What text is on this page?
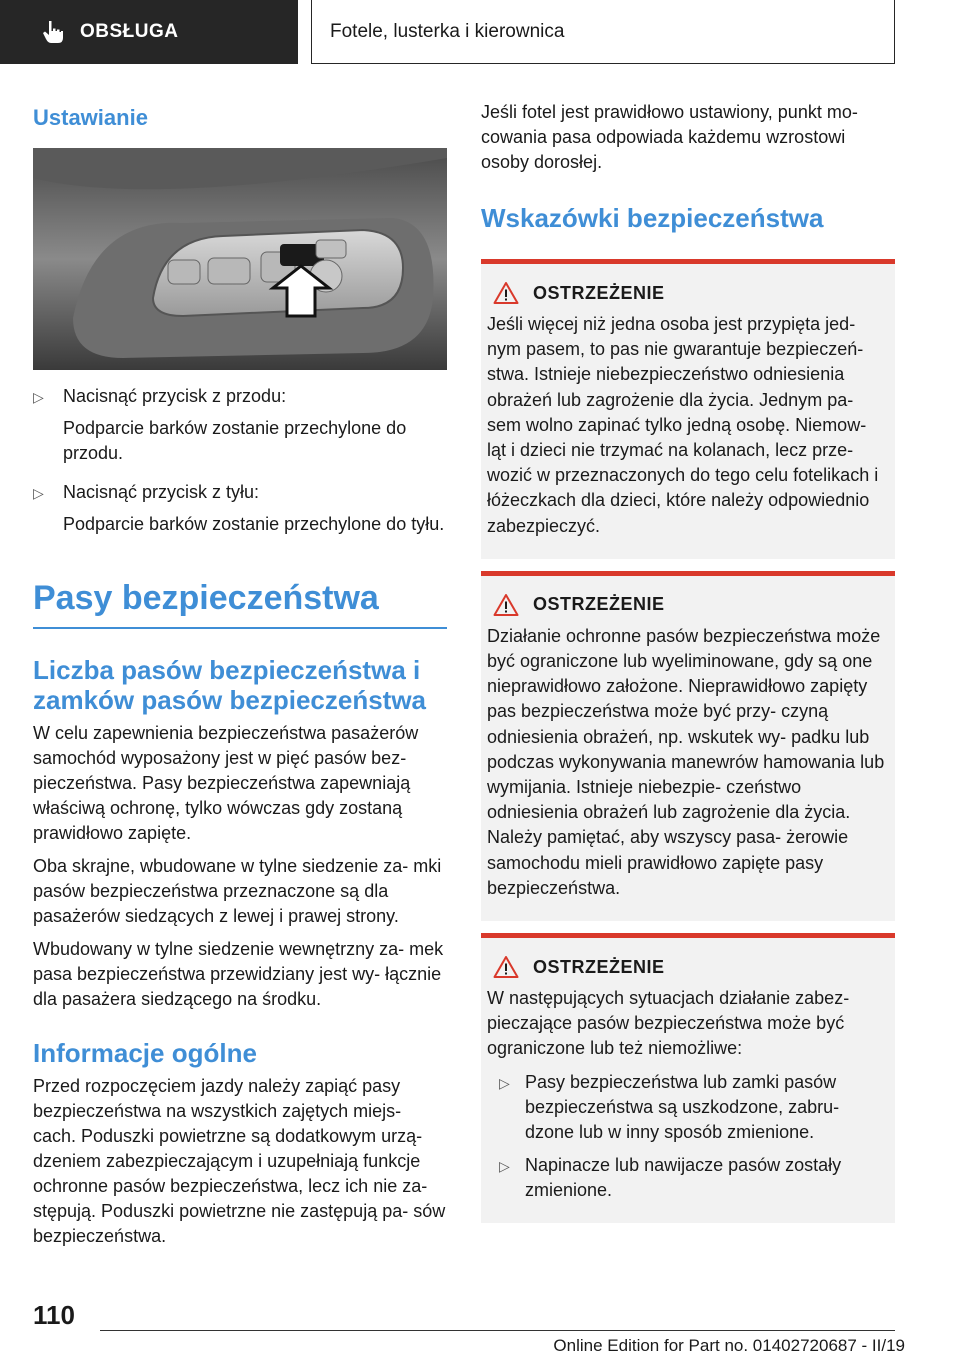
OBSŁUGA	Fotele, lusterka i kierownica
Ustawianie
▷	Nacisnąć przycisk z przodu:
Podparcie barków zostanie przechylone do przodu.
▷	Nacisnąć przycisk z tyłu:
Podparcie barków zostanie przechylone do tyłu.
Pasy bezpieczeństwa
Liczba pasów bezpieczeństwa i zamków pasów bezpieczeństwa

W celu zapewnienia bezpieczeństwa pasażerów samochód wyposażony jest w pięć pasów bez- pieczeństwa. Pasy bezpieczeństwa zapewniają właściwą ochronę, tylko wówczas gdy zostaną prawidłowo zapięte.

Oba skrajne, wbudowane w tylne siedzenie za- mki pasów bezpieczeństwa przeznaczone są dla pasażerów siedzących z lewej i prawej strony.

Wbudowany w tylne siedzenie wewnętrzny za- mek pasa bezpieczeństwa przewidziany jest wy- łącznie dla pasażera siedzącego na środku.

Informacje ogólne

Przed rozpoczęciem jazdy należy zapiąć pasy bezpieczeństwa na wszystkich zajętych miejs- cach. Poduszki powietrzne są dodatkowym urzą- dzeniem zabezpieczającym i uzupełniają funkcje ochronne pasów bezpieczeństwa, lecz ich nie za- stępują. Poduszki powietrzne nie zastępują pa- sów bezpieczeństwa.

Jeśli fotel jest prawidłowo ustawiony, punkt mo- cowania pasa odpowiada każdemu wzrostowi osoby dorosłej.

Wskazówki bezpieczeństwa
OSTRZEŻENIE

Jeśli więcej niż jedna osoba jest przypięta jed- nym pasem, to pas nie gwarantuje bezpieczeń- stwa. Istnieje niebezpieczeństwo odniesienia obrażeń lub zagrożenie dla życia. Jednym pa- sem wolno zapinać tylko jedną osobę. Niemow- ląt i dzieci nie trzymać na kolanach, lecz prze- wozić w przeznaczonych do tego celu fotelikach i łóżeczkach dla dzieci, które należy odpowiednio zabezpieczyć.

OSTRZEŻENIE

Działanie ochronne pasów bezpieczeństwa może być ograniczone lub wyeliminowane, gdy są one nieprawidłowo założone. Nieprawidłowo zapięty pas bezpieczeństwa może być przy- czyną odniesienia obrażeń, np. wskutek wy- padku lub podczas wykonywania manewrów hamowania lub wymijania. Istnieje niebezpie- czeństwo odniesienia obrażeń lub zagrożenie dla życia. Należy pamiętać, aby wszyscy pasa- żerowie samochodu mieli prawidłowo zapięte pasy bezpieczeństwa.

OSTRZEŻENIE

W następujących sytuacjach działanie zabez- pieczające pasów bezpieczeństwa może być ograniczone lub też niemożliwe:

▷ Pasy bezpieczeństwa lub zamki pasów bezpieczeństwa są uszkodzone, zabru- dzone lub w inny sposób zmienione.
▷ Napinacze lub nawijacze pasów zostały zmienione.
110
Online Edition for Part no. 01402720687 - II/19
